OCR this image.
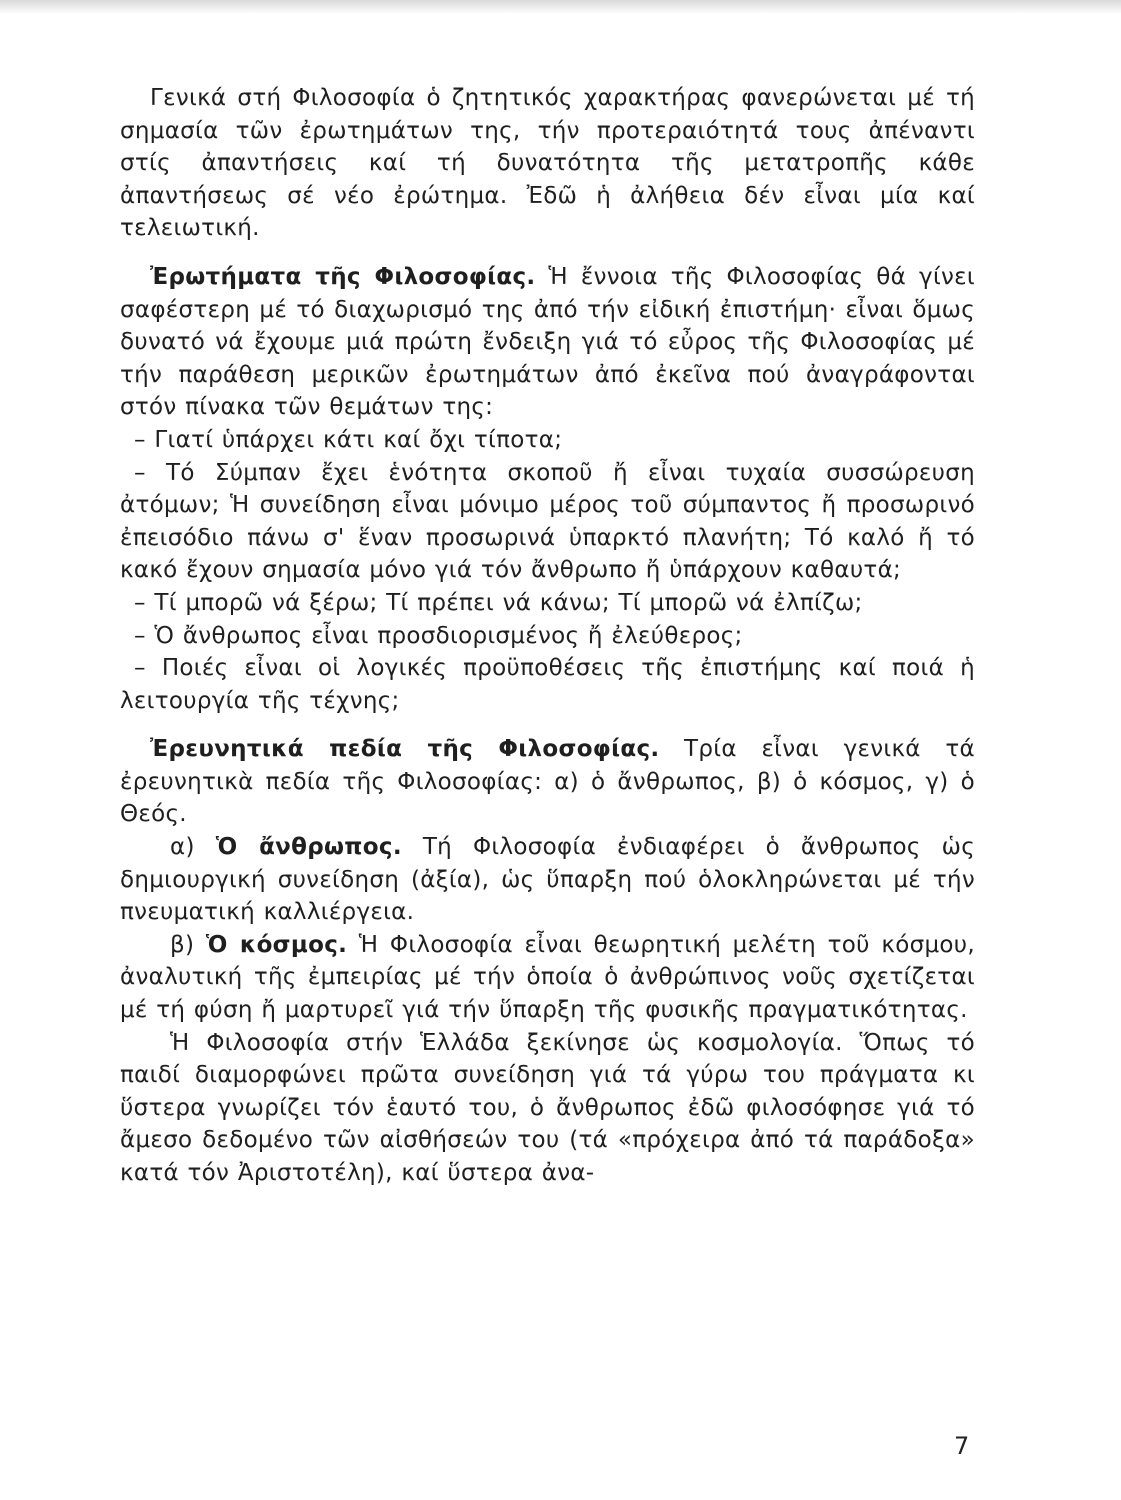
Γενικά στή Φιλοσοφία ὁ ζητητικός χαρακτήρας φανερώνεται μέ τή σημασία τῶν ἐρωτημάτων της, τήν προτεραιότητά τους ἀπέναντι στίς ἀπαντήσεις καί τή δυνατότητα τῆς μετατροπῆς κάθε ἀπαντήσεως σέ νέο ἐρώτημα. Ἐδῶ ἡ ἀλήθεια δέν εἶναι μία καί τελειωτική.

Ἐρωτήματα τῆς Φιλοσοφίας. Ἡ ἔννοια τῆς Φιλοσοφίας θά γίνει σαφέστερη μέ τό διαχωρισμό της ἀπό τήν εἰδική ἐπιστήμη· εἶναι ὅμως δυνατό νά ἔχουμε μιά πρώτη ἔνδειξη γιά τό εὖρος τῆς Φιλοσοφίας μέ τήν παράθεση μερικῶν ἐρωτημάτων ἀπό ἐκεῖνα πού ἀναγράφονται στόν πίνακα τῶν θεμάτων της:

– Γιατί ὑπάρχει κάτι καί ὄχι τίποτα;

– Τό Σύμπαν ἔχει ἑνότητα σκοποῦ ἤ εἶναι τυχαία συσσώρευση ἀτόμων; Ἡ συνείδηση εἶναι μόνιμο μέρος τοῦ σύμπαντος ἤ προσωρινό ἐπεισόδιο πάνω σ' ἕναν προσωρινά ὑπαρκτό πλανήτη; Τό καλό ἤ τό κακό ἔχουν σημασία μόνο γιά τόν ἄνθρωπο ἤ ὑπάρχουν καθαυτά;

– Τί μπορῶ νά ξέρω; Τί πρέπει νά κάνω; Τί μπορῶ νά ἐλπίζω;

– Ὁ ἄνθρωπος εἶναι προσδιορισμένος ἤ ἐλεύθερος;

– Ποιές εἶναι οἱ λογικές προϋποθέσεις τῆς ἐπιστήμης καί ποιά ἡ λειτουργία τῆς τέχνης;

Ἐρευνητικά πεδία τῆς Φιλοσοφίας. Τρία εἶναι γενικά τά ἐρευνητικὰ πεδία τῆς Φιλοσοφίας: α) ὁ ἄνθρωπος, β) ὁ κόσμος, γ) ὁ Θεός.

α) Ὁ ἄνθρωπος. Τή Φιλοσοφία ἐνδιαφέρει ὁ ἄνθρωπος ὡς δημιουργική συνείδηση (ἀξία), ὡς ὕπαρξη πού ὁλοκληρώνεται μέ τήν πνευματική καλλιέργεια.

β) Ὁ κόσμος. Ἡ Φιλοσοφία εἶναι θεωρητική μελέτη τοῦ κόσμου, ἀναλυτική τῆς ἐμπειρίας μέ τήν ὁποία ὁ ἀνθρώπινος νοῦς σχετίζεται μέ τή φύση ἤ μαρτυρεῖ γιά τήν ὕπαρξη τῆς φυσικῆς πραγματικότητας.

Ἡ Φιλοσοφία στήν Ἑλλάδα ξεκίνησε ὡς κοσμολογία. Ὅπως τό παιδί διαμορφώνει πρῶτα συνείδηση γιά τά γύρω του πράγματα κι ὕστερα γνωρίζει τόν ἑαυτό του, ὁ ἄνθρωπος ἐδῶ φιλοσόφησε γιά τό ἄμεσο δεδομένο τῶν αἰσθήσεών του (τά «πρόχειρα ἀπό τά παράδοξα» κατά τόν Ἀριστοτέλη), καί ὕστερα ἀνα-

7
